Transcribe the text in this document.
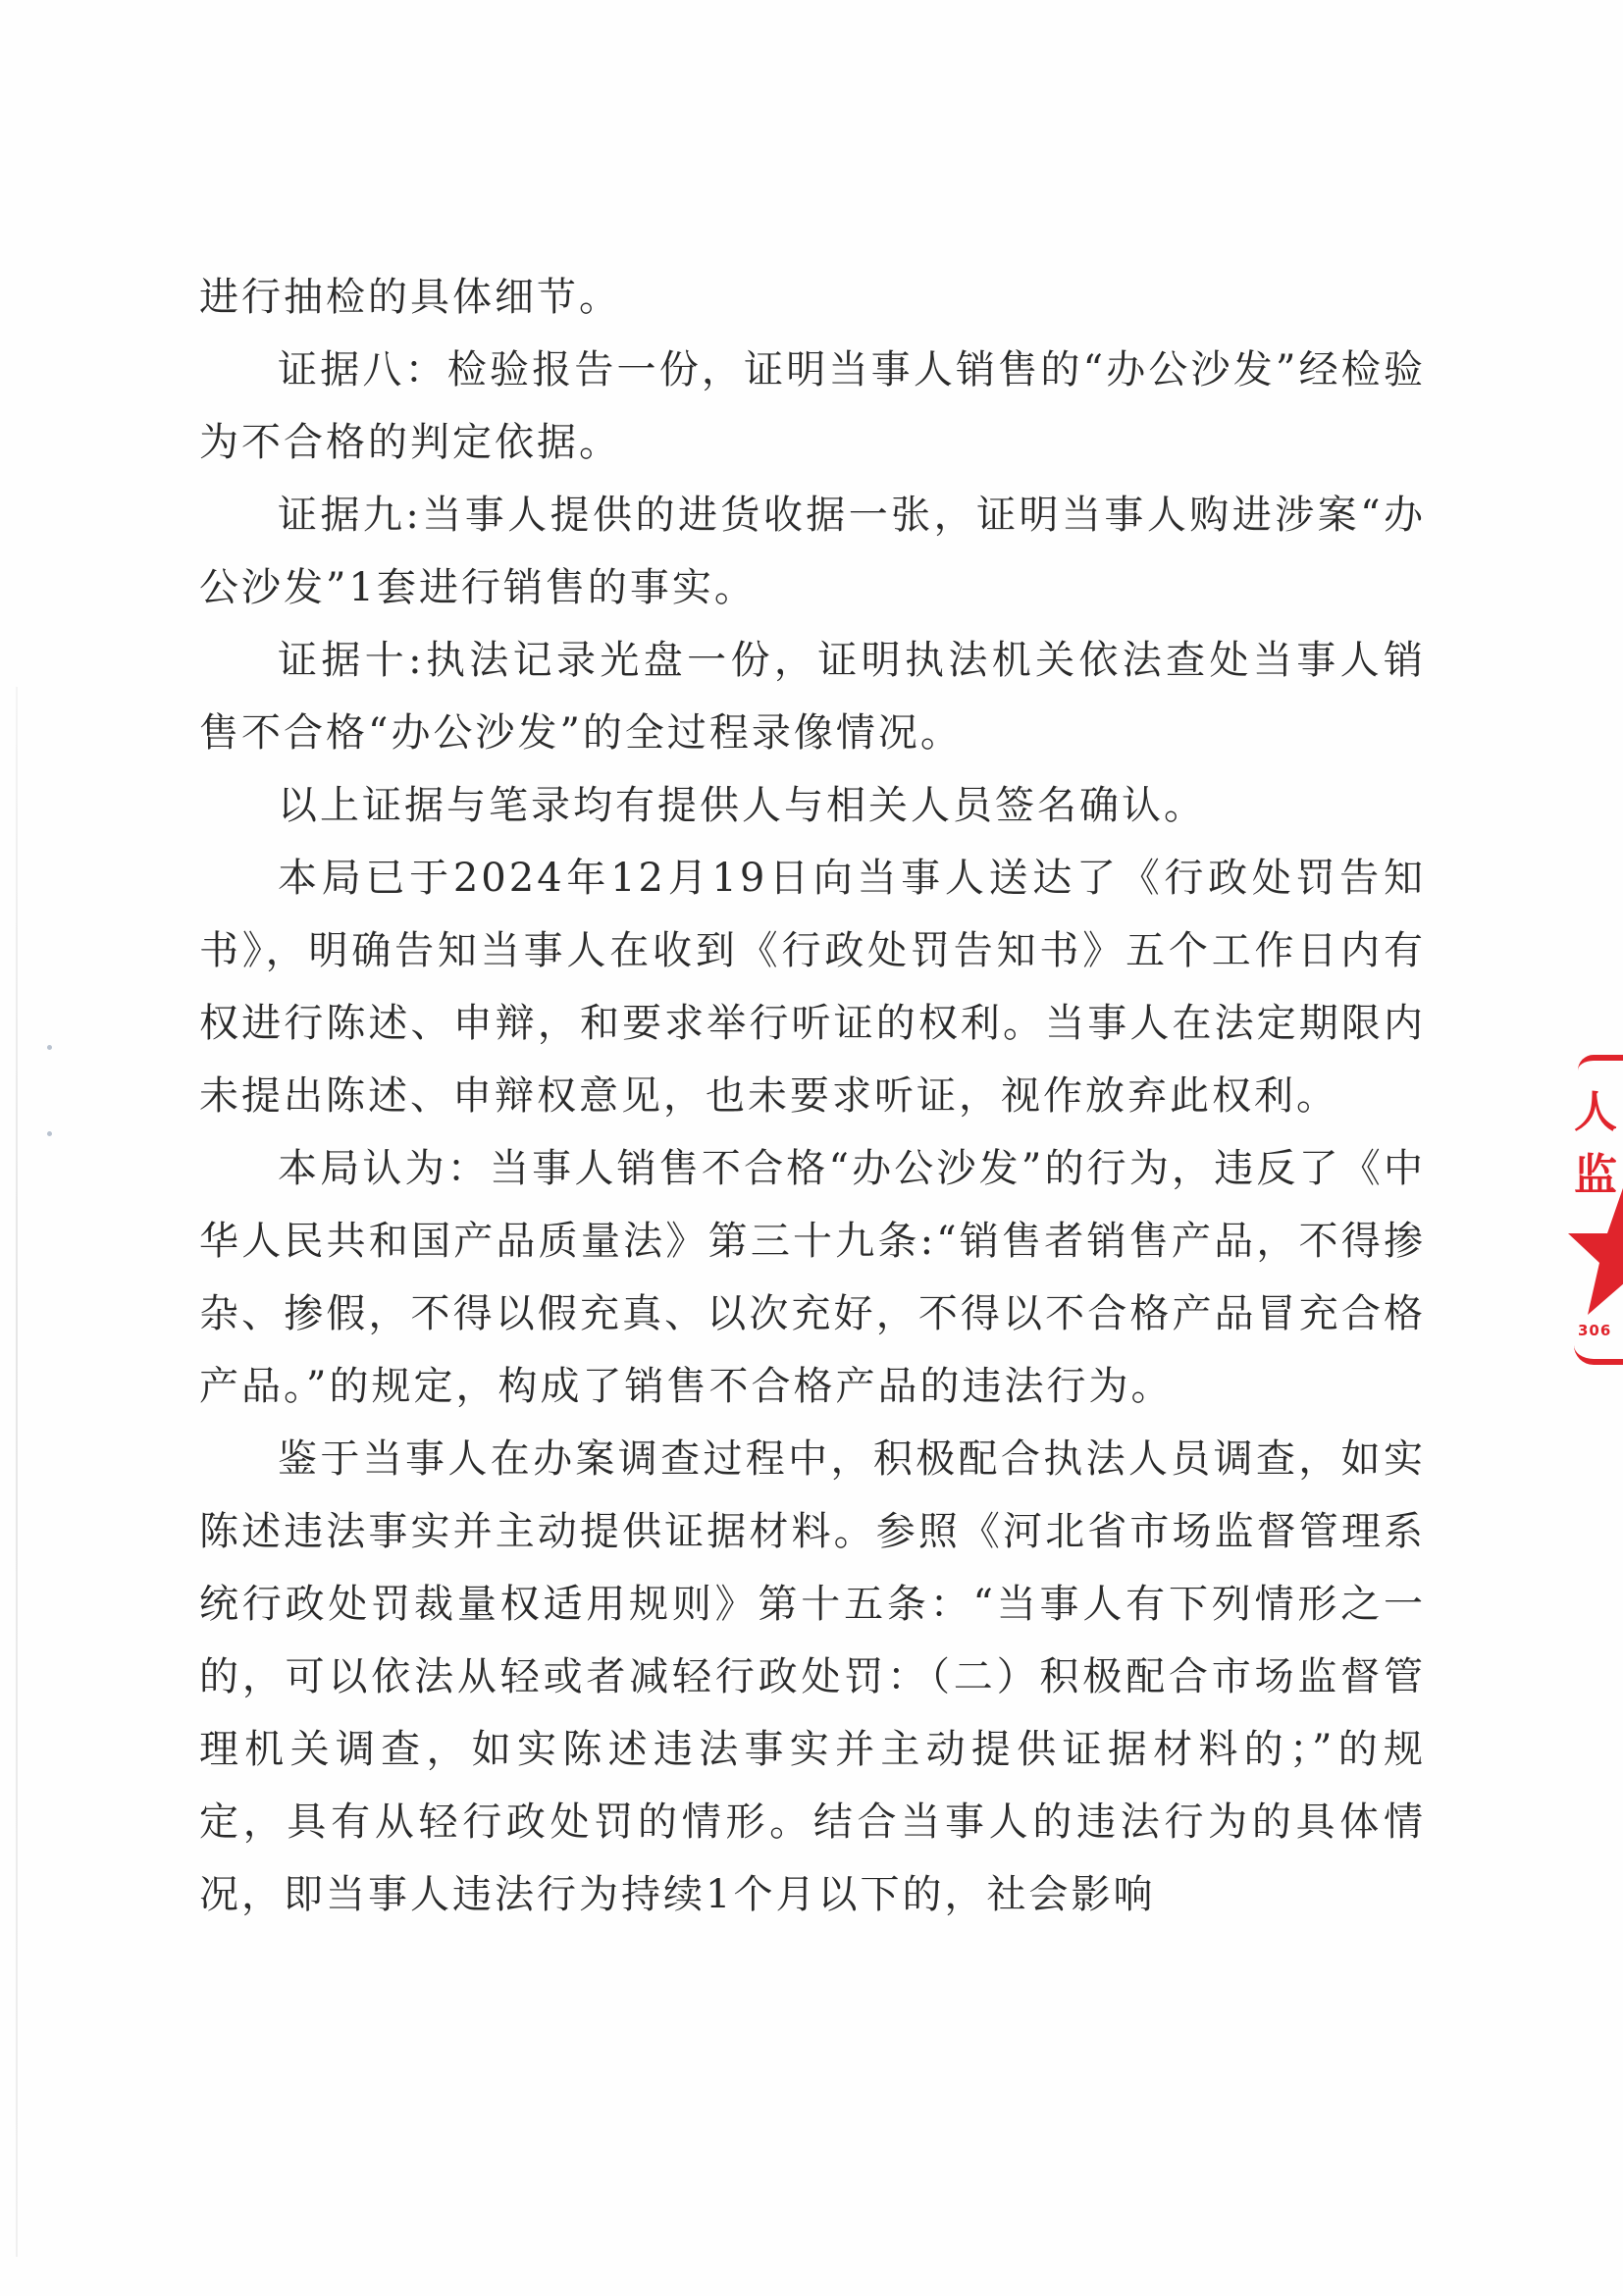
进行抽检的具体细节。

证据八：检验报告一份，证明当事人销售的“办公沙发”经检验为不合格的判定依据。

证据九:当事人提供的进货收据一张，证明当事人购进涉案“办公沙发”1套进行销售的事实。

证据十:执法记录光盘一份，证明执法机关依法查处当事人销售不合格“办公沙发”的全过程录像情况。

以上证据与笔录均有提供人与相关人员签名确认。

本局已于2024年12月19日向当事人送达了《行政处罚告知书》，明确告知当事人在收到《行政处罚告知书》五个工作日内有权进行陈述、申辩，和要求举行听证的权利。当事人在法定期限内未提出陈述、申辩权意见，也未要求听证，视作放弃此权利。

本局认为：当事人销售不合格“办公沙发”的行为，违反了《中华人民共和国产品质量法》第三十九条:“销售者销售产品，不得掺杂、掺假，不得以假充真、以次充好，不得以不合格产品冒充合格产品。”的规定，构成了销售不合格产品的违法行为。

鉴于当事人在办案调查过程中，积极配合执法人员调查，如实陈述违法事实并主动提供证据材料。参照《河北省市场监督管理系统行政处罚裁量权适用规则》第十五条：“当事人有下列情形之一的，可以依法从轻或者减轻行政处罚：（二）积极配合市场监督管理机关调查，如实陈述违法事实并主动提供证据材料的；”的规定，具有从轻行政处罚的情形。结合当事人的违法行为的具体情况，即当事人违法行为持续1个月以下的，社会影响

人监
306
